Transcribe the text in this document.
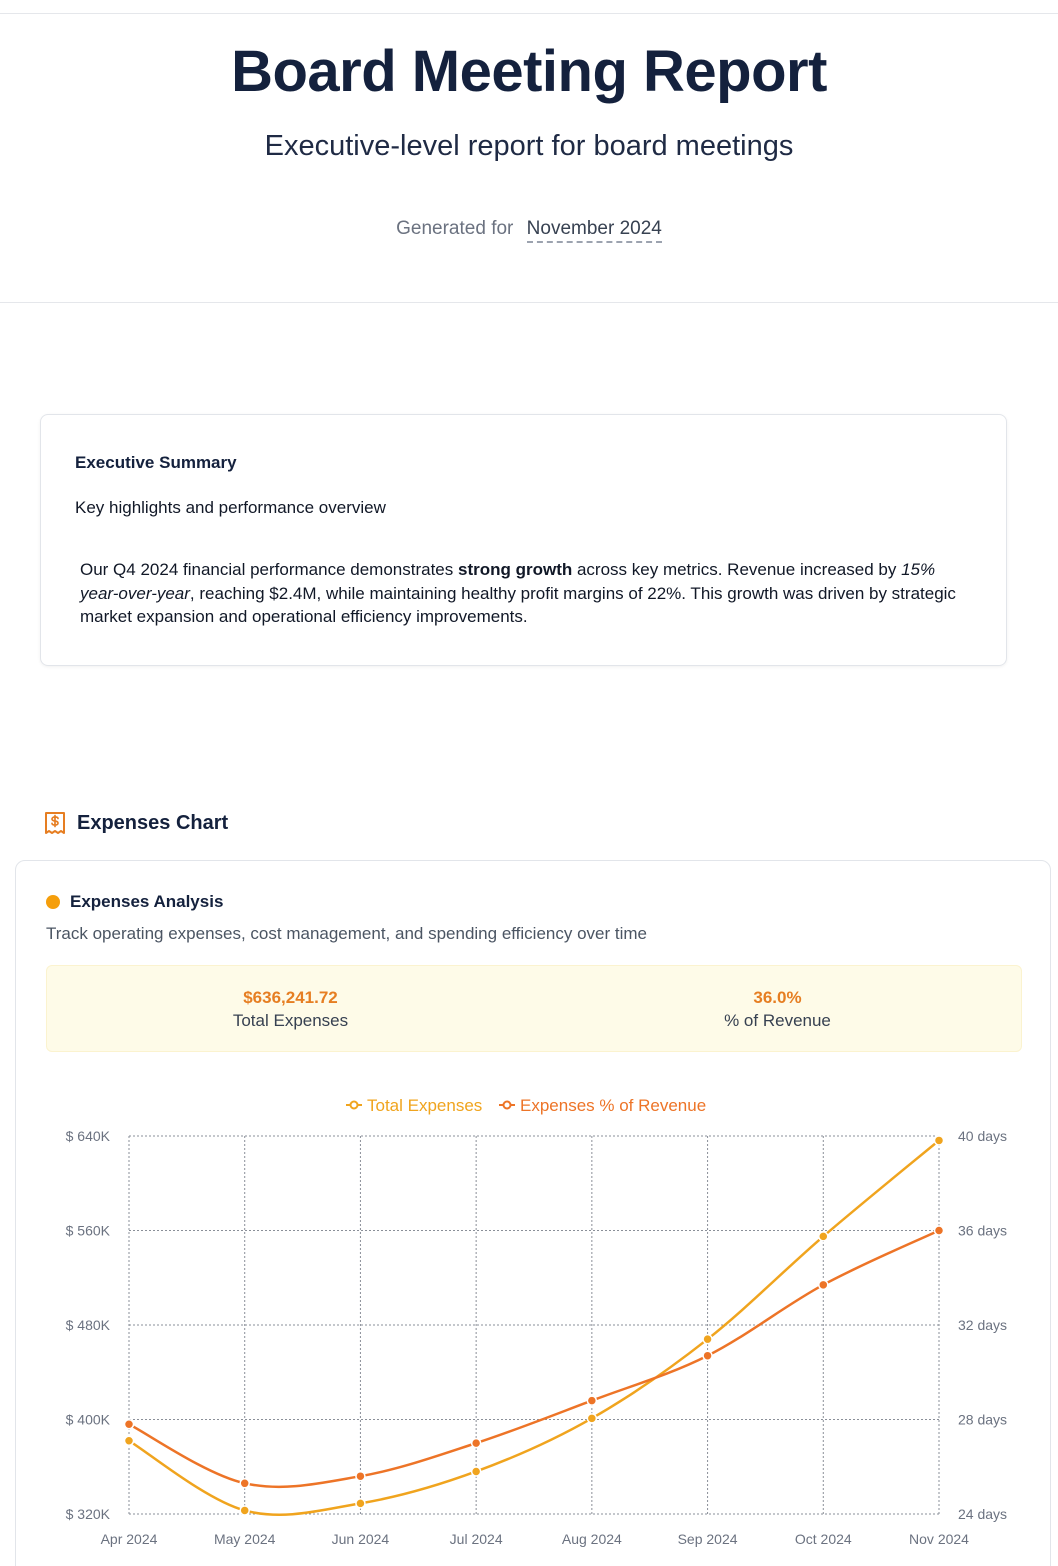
Board Meeting Report
Executive-level report for board meetings
Generated for November 2024
Executive Summary
Key highlights and performance overview

Our Q4 2024 financial performance demonstrates strong growth across key metrics. Revenue increased by 15% year-over-year, reaching $2.4M, while maintaining healthy profit margins of 22%. This growth was driven by strategic market expansion and operational efficiency improvements.

Expenses Chart
Expenses Analysis
Track operating expenses, cost management, and spending efficiency over time
$636,241.72
Total Expenses
36.0%
% of Revenue
$ 320K
$ 400K
$ 480K
$ 560K
$ 640K
24 days
28 days
32 days
36 days
40 days
Apr 2024	May 2024	Jun 2024	Jul 2024	Aug 2024	Sep 2024	Oct 2024	Nov 2024
Total Expenses Expenses % of Revenue
